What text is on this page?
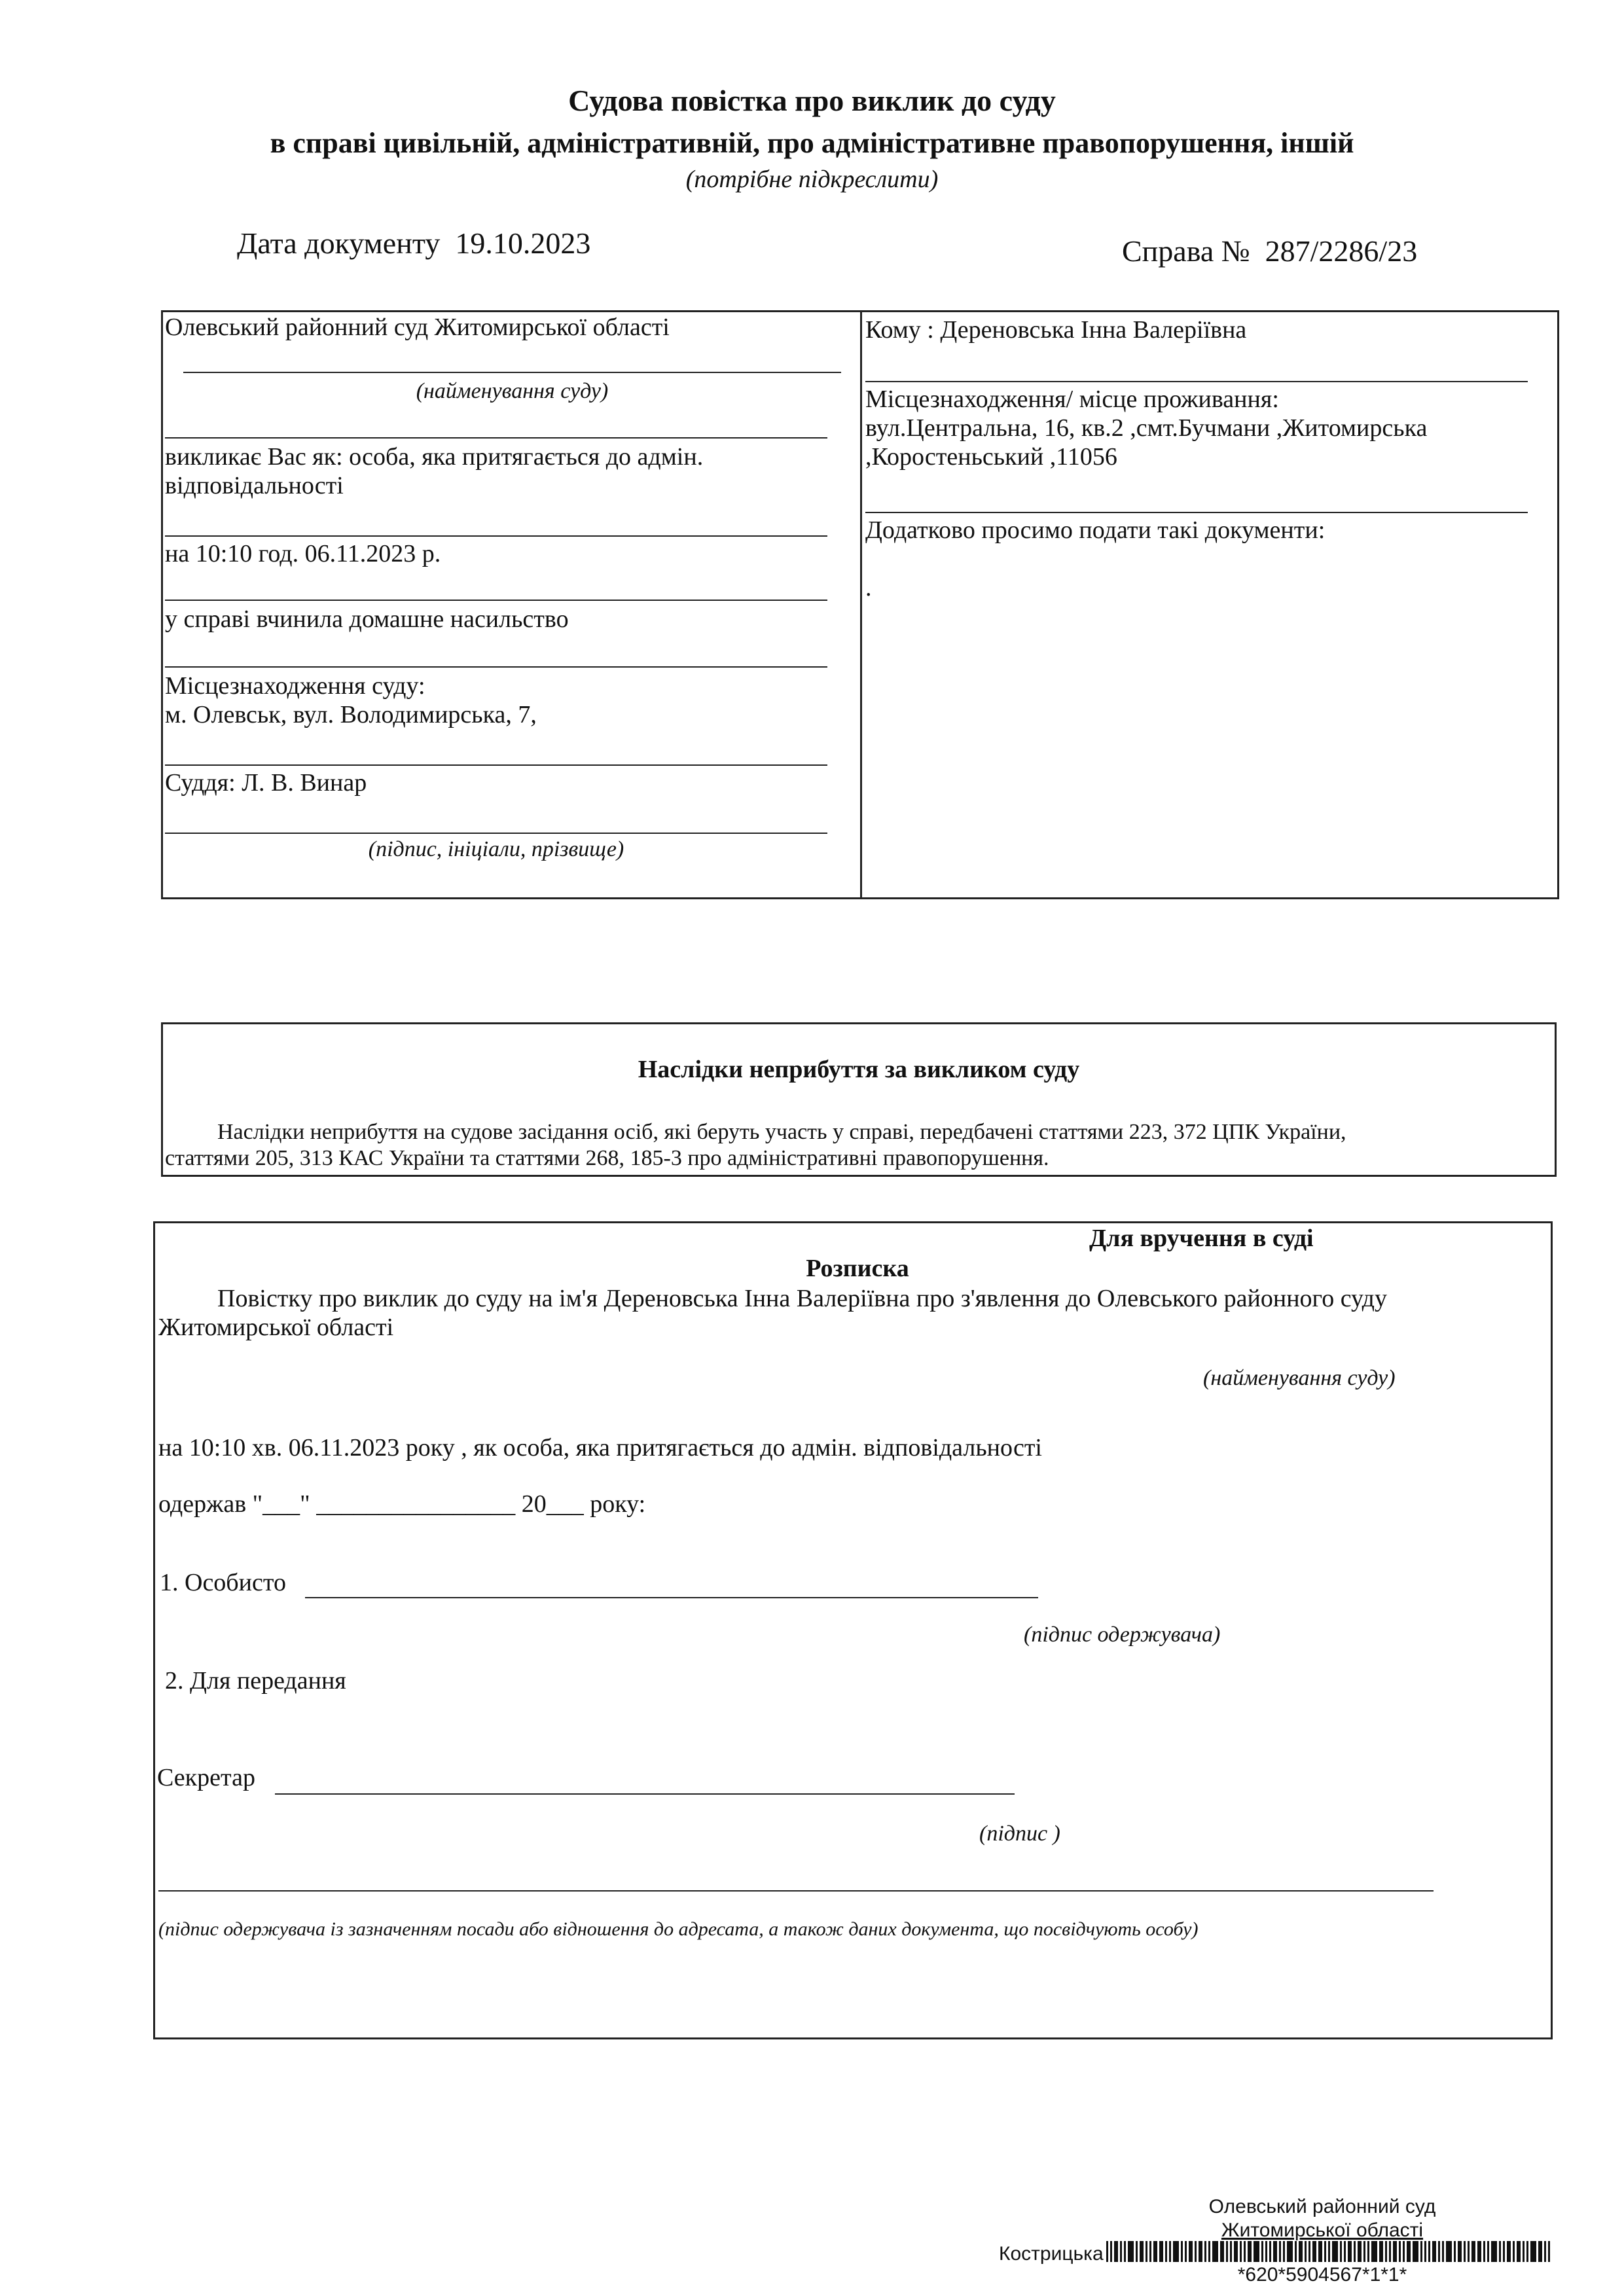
Судова повістка про виклик до суду
в справі цивільній, адміністративній, про адміністративне правопорушення, іншій
(потрібне підкреслити)
Дата документу 19.10.2023	Справа № 287/2286/23
Олевський районний суд Житомирської області
(найменування суду)
викликає Вас як: особа, яка притягається до адмін.
відповідальності
на 10:10 год. 06.11.2023 р.
у справі вчинила домашне насильство
Місцезнаходження суду:
м. Олевськ, вул. Володимирська, 7,
Суддя: Л. В. Винар
(підпис, ініціали, прізвище)
Кому : Дереновська Інна Валеріївна
Місцезнаходження/ місце проживання:
вул.Центральна, 16, кв.2 ,смт.Бучмани ,Житомирська
,Коростеньський ,11056
Додатково просимо подати такі документи:
.
Наслідки неприбуття за викликом суду
Наслідки неприбуття на судове засідання осіб, які беруть участь у справі, передбачені статтями 223, 372 ЦПК України,
статтями 205, 313 КАС України та статтями 268, 185-3 про адміністративні правопорушення.
Для вручення в суді
Розписка
Повістку про виклик до суду на ім'я Дереновська Інна Валеріївна про з'явлення до Олевського районного суду
Житомирської області
(найменування суду)
на 10:10 хв. 06.11.2023 року , як особа, яка притягається до адмін. відповідальності
одержав "___" ________________ 20___ року:
1. Особисто
(підпис одержувача)
2. Для передання
Секретар
(підпис )
(підпис одержувача із зазначенням посади або відношення до адресата, а також даних документа, що посвідчують особу)
Олевський районний суд
Житомирської області
Кострицька
*620*5904567*1*1*
